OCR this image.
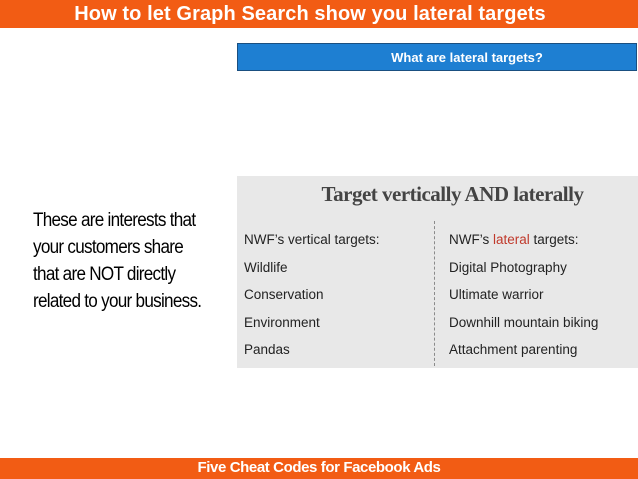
How to let Graph Search show you lateral targets
What are lateral targets?
These are interests that
your customers share
that are NOT directly
related to your business.
Target vertically AND laterally
NWF’s vertical targets:
Wildlife
Conservation
Environment
Pandas
NWF’s lateral targets:
Digital Photography
Ultimate warrior
Downhill mountain biking
Attachment parenting
Five Cheat Codes for Facebook Ads
